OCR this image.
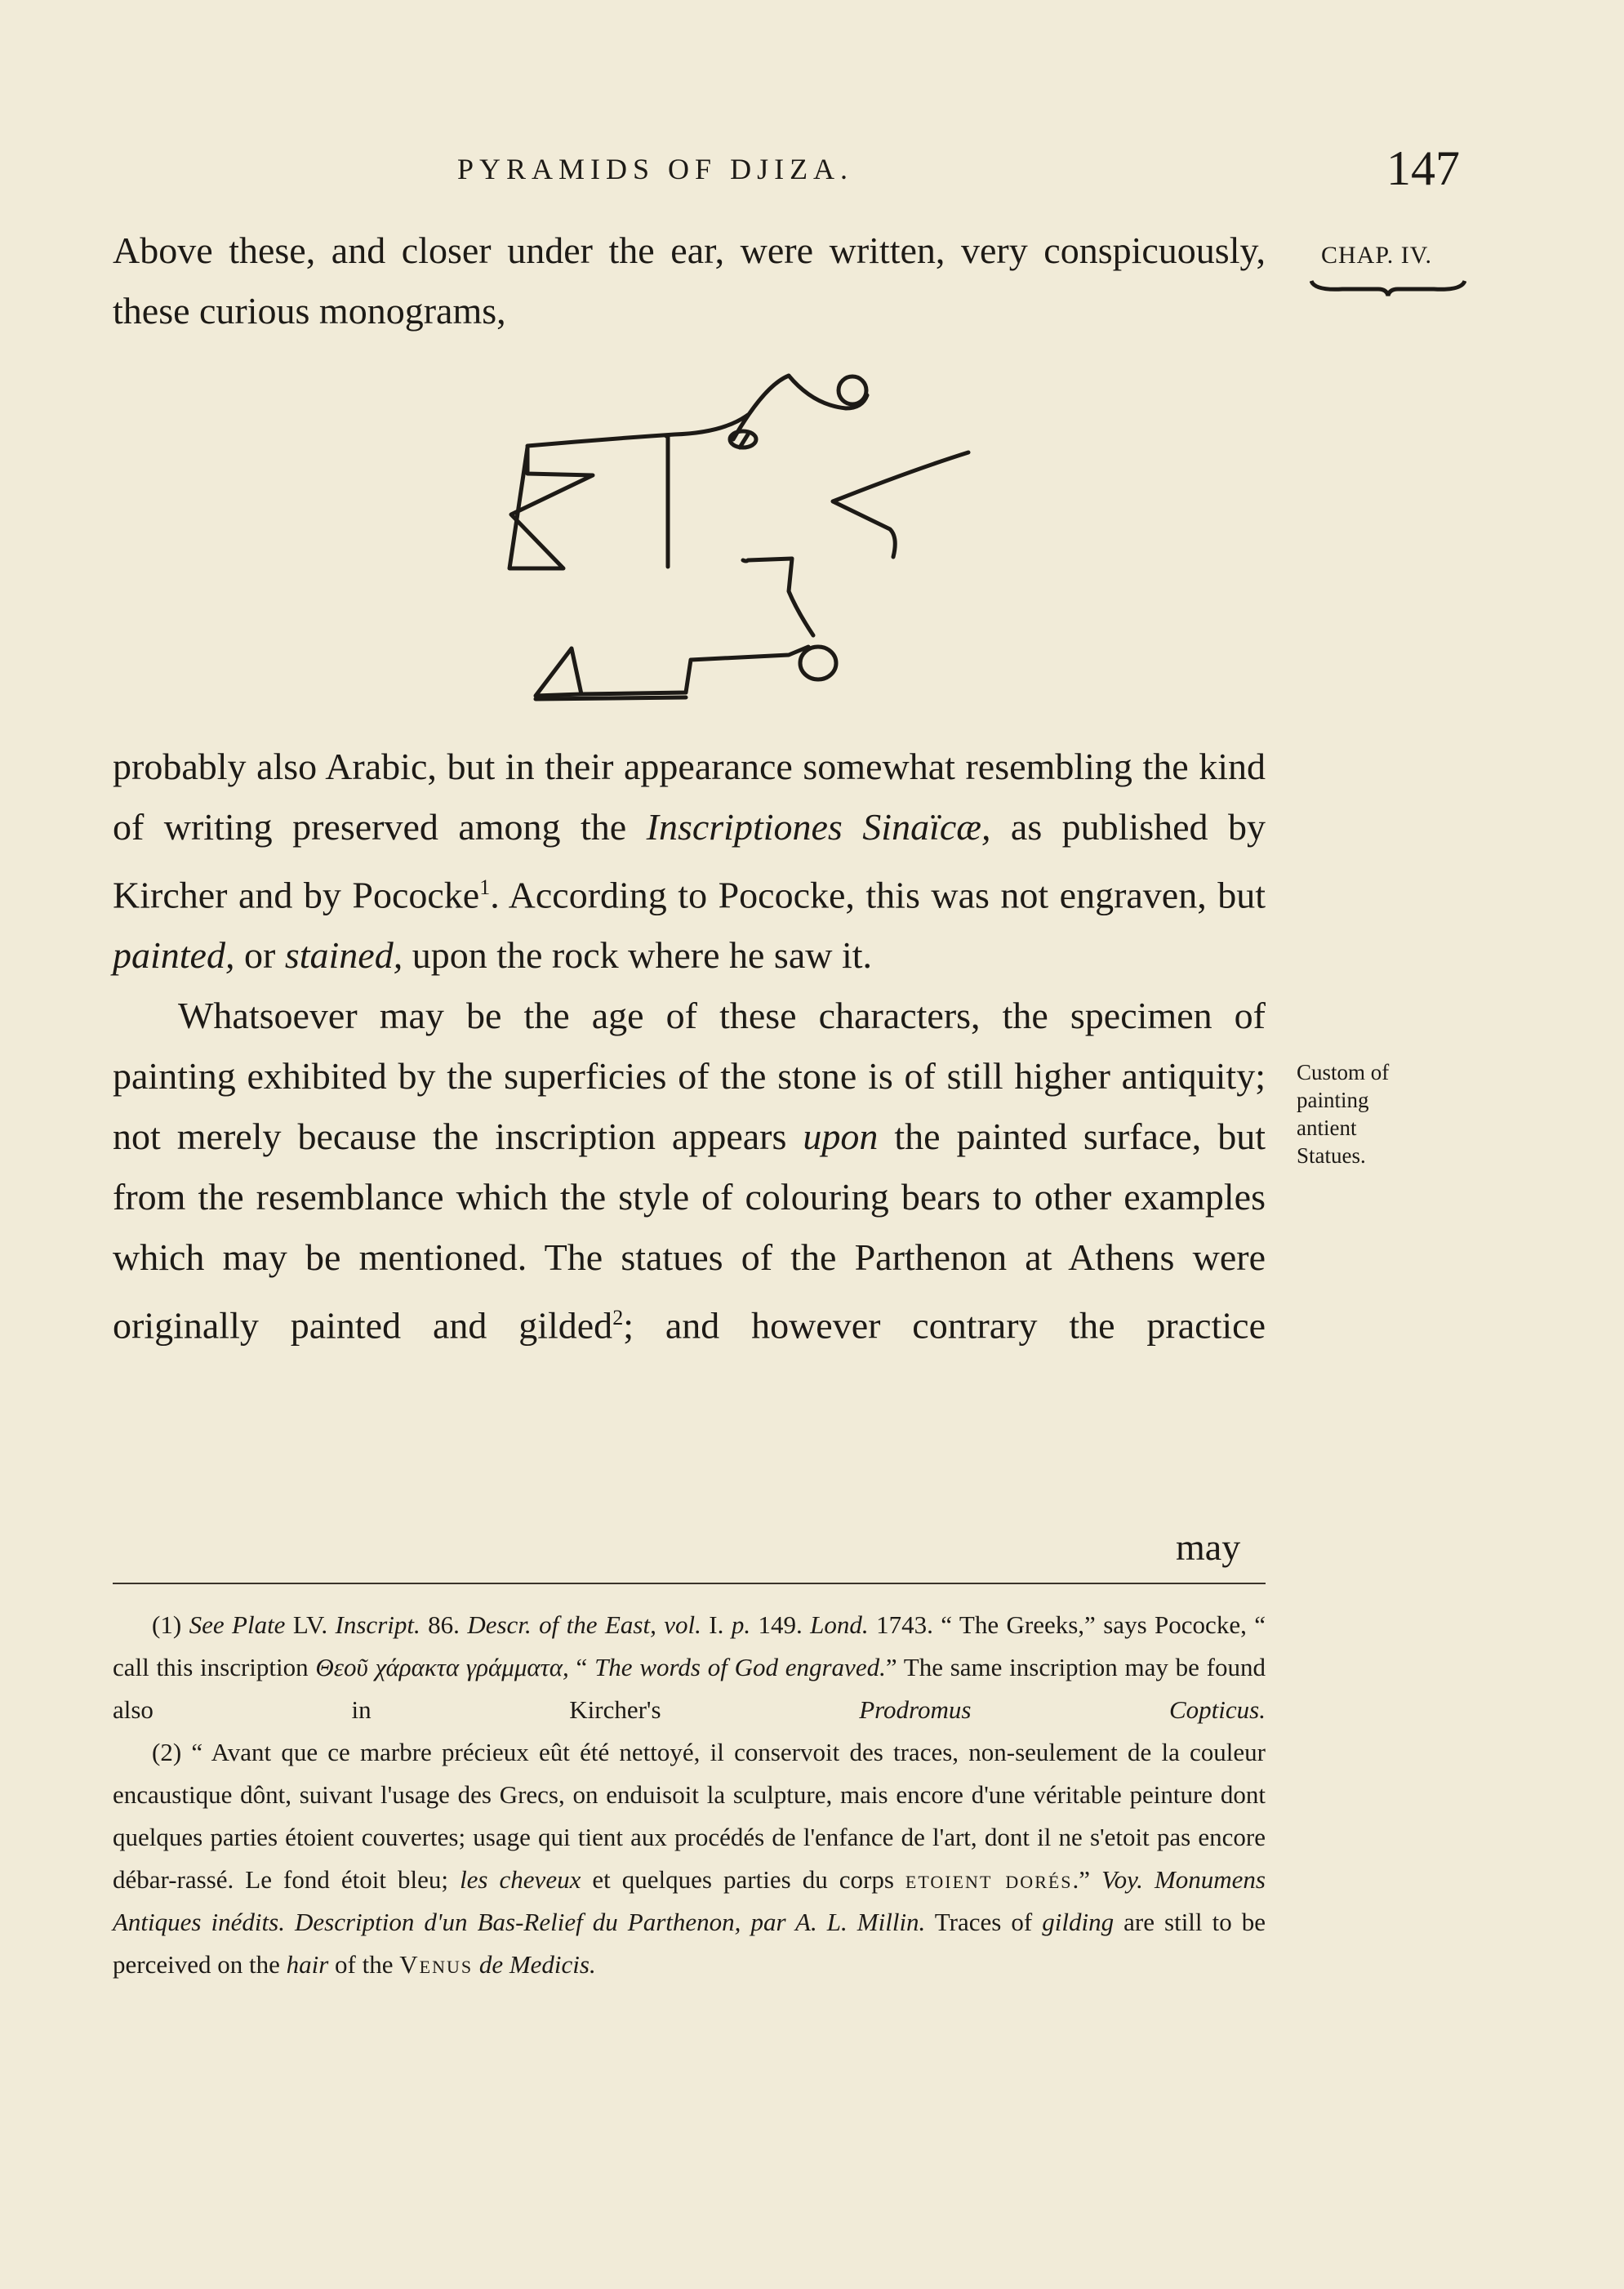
PYRAMIDS OF DJIZA.	147
CHAP. IV.
Custom of
painting
antient
Statues.

Above these, and closer under the ear, were written, very conspicuously, these curious monograms,

probably also Arabic, but in their appearance somewhat resembling the kind of writing preserved among the Inscriptiones Sinaïcæ, as published by Kircher and by Pococke$^1$. According to Pococke, this was not engraven, but painted, or stained, upon the rock where he saw it.

Whatsoever may be the age of these characters, the specimen of painting exhibited by the superficies of the stone is of still higher antiquity; not merely because the inscription appears upon the painted surface, but from the resemblance which the style of colouring bears to other examples which may be mentioned. The statues of the Parthenon at Athens were originally painted and gilded$^2$; and however contrary the practice

may

(1) See Plate LV. Inscript. 86. Descr. of the East, vol. I. p. 149. Lond. 1743. “ The Greeks,” says Pococke, “ call this inscription Θεοῦ χάρακτα γράμματα, “ The words of God engraved.” The same inscription may be found also in Kircher's Prodromus Copticus.

(2) “ Avant que ce marbre précieux eût été nettoyé, il conservoit des traces, non-seulement de la couleur encaustique dônt, suivant l'usage des Grecs, on enduisoit la sculpture, mais encore d'une véritable peinture dont quelques parties étoient couvertes; usage qui tient aux procédés de l'enfance de l'art, dont il ne s'etoit pas encore débar-rassé. Le fond étoit bleu; les cheveux et quelques parties du corps etoient dorés.” Voy. Monumens Antiques inédits. Description d'un Bas-Relief du Parthenon, par A. L. Millin. Traces of gilding are still to be perceived on the hair of the Venus de Medicis.
